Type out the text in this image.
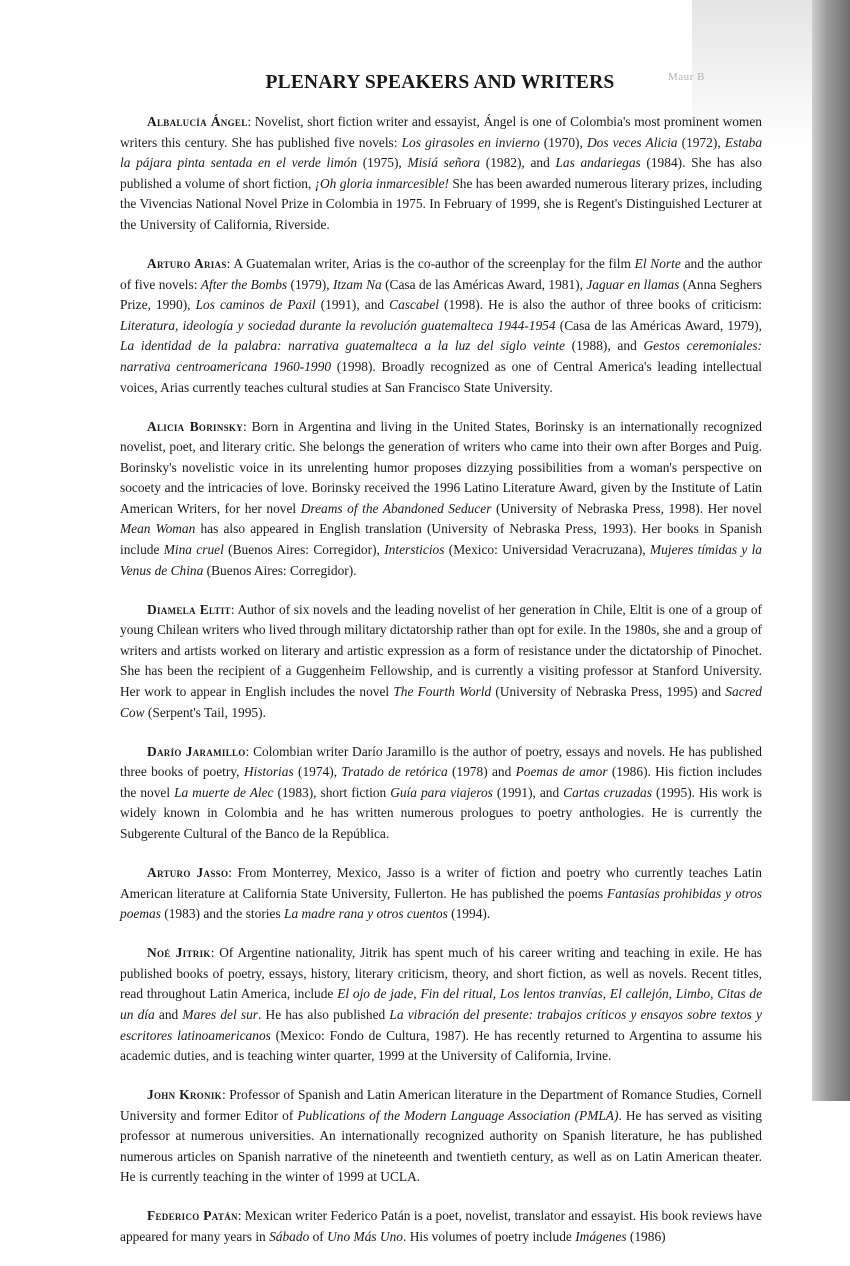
Maur B
PLENARY SPEAKERS AND WRITERS

Albalucía Ángel: Novelist, short fiction writer and essayist, Ángel is one of Colombia's most prominent women writers this century. She has published five novels: Los girasoles en invierno (1970), Dos veces Alicia (1972), Estaba la pájara pinta sentada en el verde limón (1975), Misiá señora (1982), and Las andariegas (1984). She has also published a volume of short fiction, ¡Oh gloria inmarcesible! She has been awarded numerous literary prizes, including the Vivencias National Novel Prize in Colombia in 1975. In February of 1999, she is Regent's Distinguished Lecturer at the University of California, Riverside.

Arturo Arias: A Guatemalan writer, Arias is the co-author of the screenplay for the film El Norte and the author of five novels: After the Bombs (1979), Itzam Na (Casa de las Américas Award, 1981), Jaguar en llamas (Anna Seghers Prize, 1990), Los caminos de Paxil (1991), and Cascabel (1998). He is also the author of three books of criticism: Literatura, ideología y sociedad durante la revolución guatemalteca 1944-1954 (Casa de las Américas Award, 1979), La identidad de la palabra: narrativa guatemalteca a la luz del siglo veinte (1988), and Gestos ceremoniales: narrativa centroamericana 1960-1990 (1998). Broadly recognized as one of Central America's leading intellectual voices, Arias currently teaches cultural studies at San Francisco State University.

Alicia Borinsky: Born in Argentina and living in the United States, Borinsky is an internationally recognized novelist, poet, and literary critic. She belongs the generation of writers who came into their own after Borges and Puig. Borinsky's novelistic voice in its unrelenting humor proposes dizzying possibilities from a woman's perspective on socoety and the intricacies of love. Borinsky received the 1996 Latino Literature Award, given by the Institute of Latin American Writers, for her novel Dreams of the Abandoned Seducer (University of Nebraska Press, 1998). Her novel Mean Woman has also appeared in English translation (University of Nebraska Press, 1993). Her books in Spanish include Mina cruel (Buenos Aires: Corregidor), Intersticios (Mexico: Universidad Veracruzana), Mujeres tímidas y la Venus de China (Buenos Aires: Corregidor).

Diamela Eltit: Author of six novels and the leading novelist of her generation in Chile, Eltit is one of a group of young Chilean writers who lived through military dictatorship rather than opt for exile. In the 1980s, she and a group of writers and artists worked on literary and artistic expression as a form of resistance under the dictatorship of Pinochet. She has been the recipient of a Guggenheim Fellowship, and is currently a visiting professor at Stanford University. Her work to appear in English includes the novel The Fourth World (University of Nebraska Press, 1995) and Sacred Cow (Serpent's Tail, 1995).

Darío Jaramillo: Colombian writer Darío Jaramillo is the author of poetry, essays and novels. He has published three books of poetry, Historias (1974), Tratado de retórica (1978) and Poemas de amor (1986). His fiction includes the novel La muerte de Alec (1983), short fiction Guía para viajeros (1991), and Cartas cruzadas (1995). His work is widely known in Colombia and he has written numerous prologues to poetry anthologies. He is currently the Subgerente Cultural of the Banco de la República.

Arturo Jasso: From Monterrey, Mexico, Jasso is a writer of fiction and poetry who currently teaches Latin American literature at California State University, Fullerton. He has published the poems Fantasías prohibidas y otros poemas (1983) and the stories La madre rana y otros cuentos (1994).

Noé Jitrik: Of Argentine nationality, Jitrik has spent much of his career writing and teaching in exile. He has published books of poetry, essays, history, literary criticism, theory, and short fiction, as well as novels. Recent titles, read throughout Latin America, include El ojo de jade, Fin del ritual, Los lentos tranvías, El callejón, Limbo, Citas de un día and Mares del sur. He has also published La vibración del presente: trabajos críticos y ensayos sobre textos y escritores latinoamericanos (Mexico: Fondo de Cultura, 1987). He has recently returned to Argentina to assume his academic duties, and is teaching winter quarter, 1999 at the University of California, Irvine.

John Kronik: Professor of Spanish and Latin American literature in the Department of Romance Studies, Cornell University and former Editor of Publications of the Modern Language Association (PMLA). He has served as visiting professor at numerous universities. An internationally recognized authority on Spanish literature, he has published numerous articles on Spanish narrative of the nineteenth and twentieth century, as well as on Latin American theater. He is currently teaching in the winter of 1999 at UCLA.

Federico Patán: Mexican writer Federico Patán is a poet, novelist, translator and essayist. His book reviews have appeared for many years in Sábado of Uno Más Uno. His volumes of poetry include Imágenes (1986)
